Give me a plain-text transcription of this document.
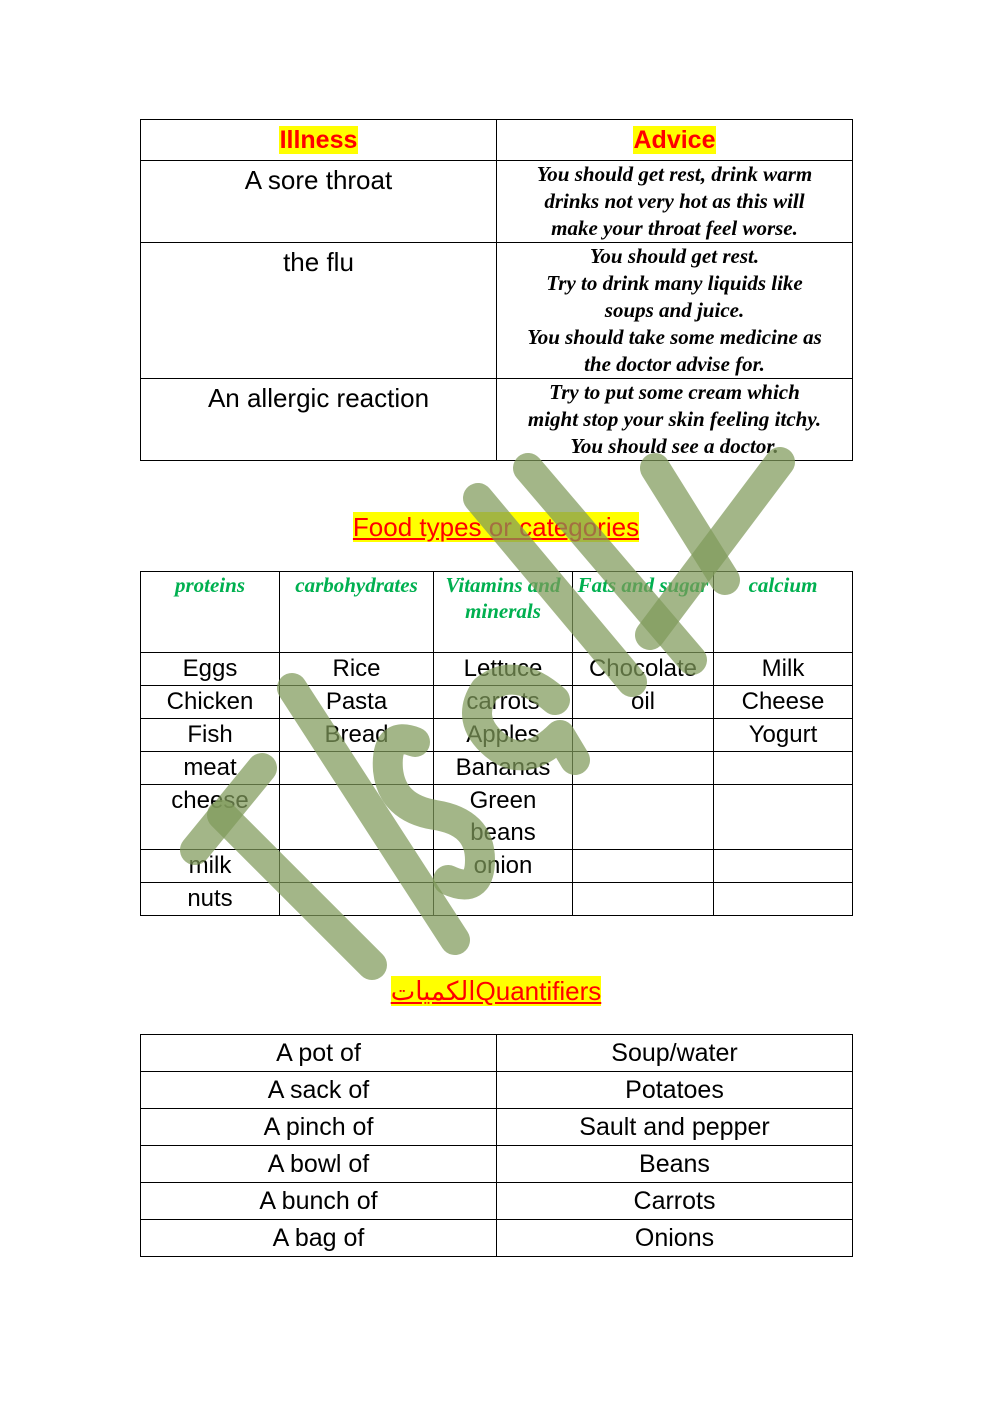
Illness	Advice
A sore throat	You should get rest, drink warm
drinks not very hot as this will
make your throat feel worse.

the flu	You should get rest.
Try to drink many liquids like
soups and juice.
You should take some medicine as
the doctor advise for.

An allergic reaction	Try to put some cream which
might stop your skin feeling itchy.
You should see a doctor.
Food types or categories
proteins	carbohydrates	Vitamins and minerals	Fats and sugar	calcium
Eggs	Rice	Lettuce	Chocolate	Milk
Chicken	Pasta	carrots	oil	Cheese
Fish	Bread	Apples		Yogurt
meat		Bananas		
cheese		Green beans		
milk		onion		
nuts				
الكمياتQuantifiers
A pot of	Soup/water
A sack of	Potatoes
A pinch of	Sault and pepper
A bowl of	Beans
A bunch of	Carrots
A bag of	Onions
